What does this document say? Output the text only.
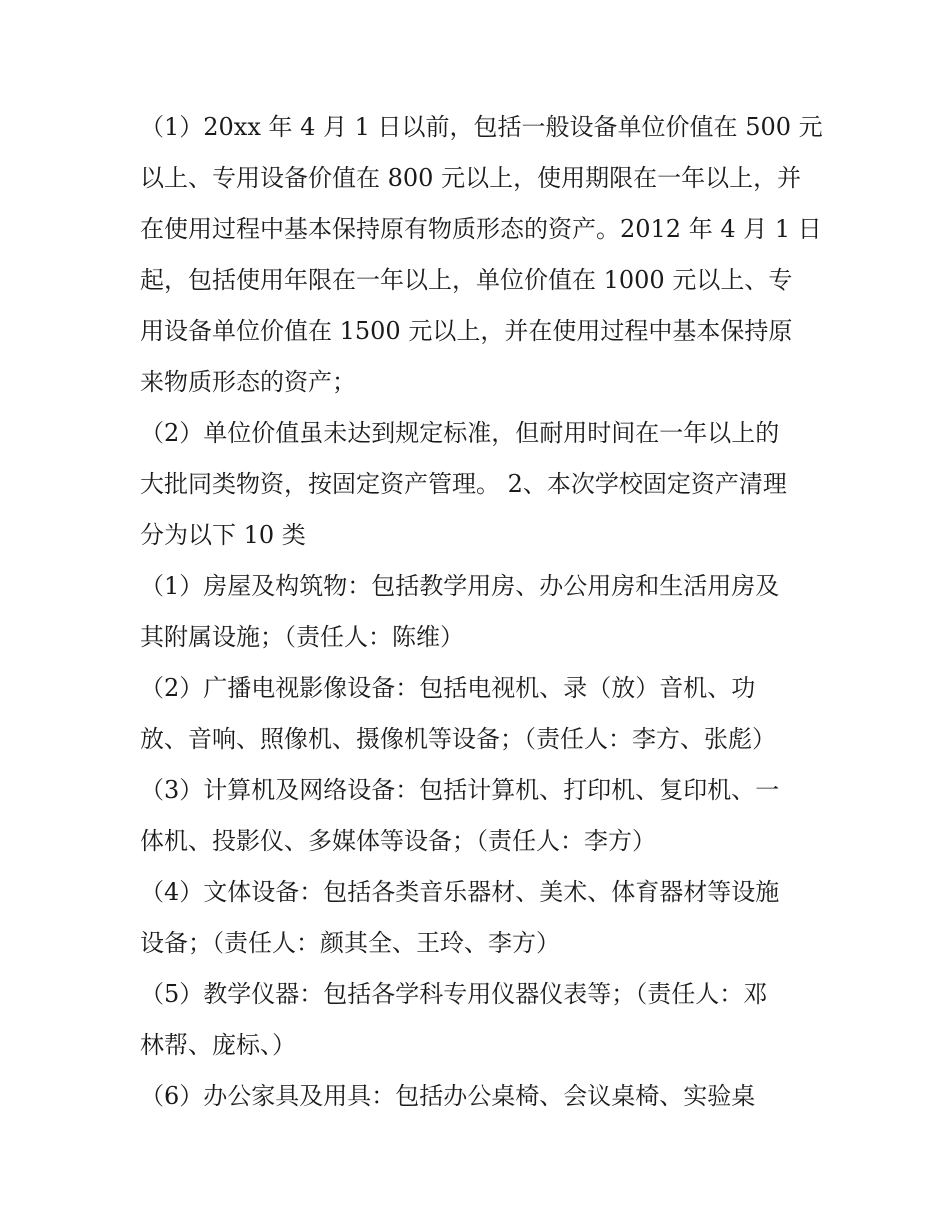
（1）20xx 年 4 月 1 日以前，包括一般设备单位价值在 500 元
以上、专用设备价值在 800 元以上，使用期限在一年以上，并
在使用过程中基本保持原有物质形态的资产。2012 年 4 月 1 日
起，包括使用年限在一年以上，单位价值在 1000 元以上、专
用设备单位价值在 1500 元以上，并在使用过程中基本保持原
来物质形态的资产；
（2）单位价值虽未达到规定标准，但耐用时间在一年以上的
大批同类物资，按固定资产管理。 2、本次学校固定资产清理
分为以下 10 类
（1）房屋及构筑物：包括教学用房、办公用房和生活用房及
其附属设施；（责任人：陈维）
（2）广播电视影像设备：包括电视机、录（放）音机、功
放、音响、照像机、摄像机等设备；（责任人：李方、张彪）
（3）计算机及网络设备：包括计算机、打印机、复印机、一
体机、投影仪、多媒体等设备；（责任人：李方）
（4）文体设备：包括各类音乐器材、美术、体育器材等设施
设备；（责任人：颜其全、王玲、李方）
（5）教学仪器：包括各学科专用仪器仪表等；（责任人：邓
林帮、庞标、）
（6）办公家具及用具：包括办公桌椅、会议桌椅、实验桌
